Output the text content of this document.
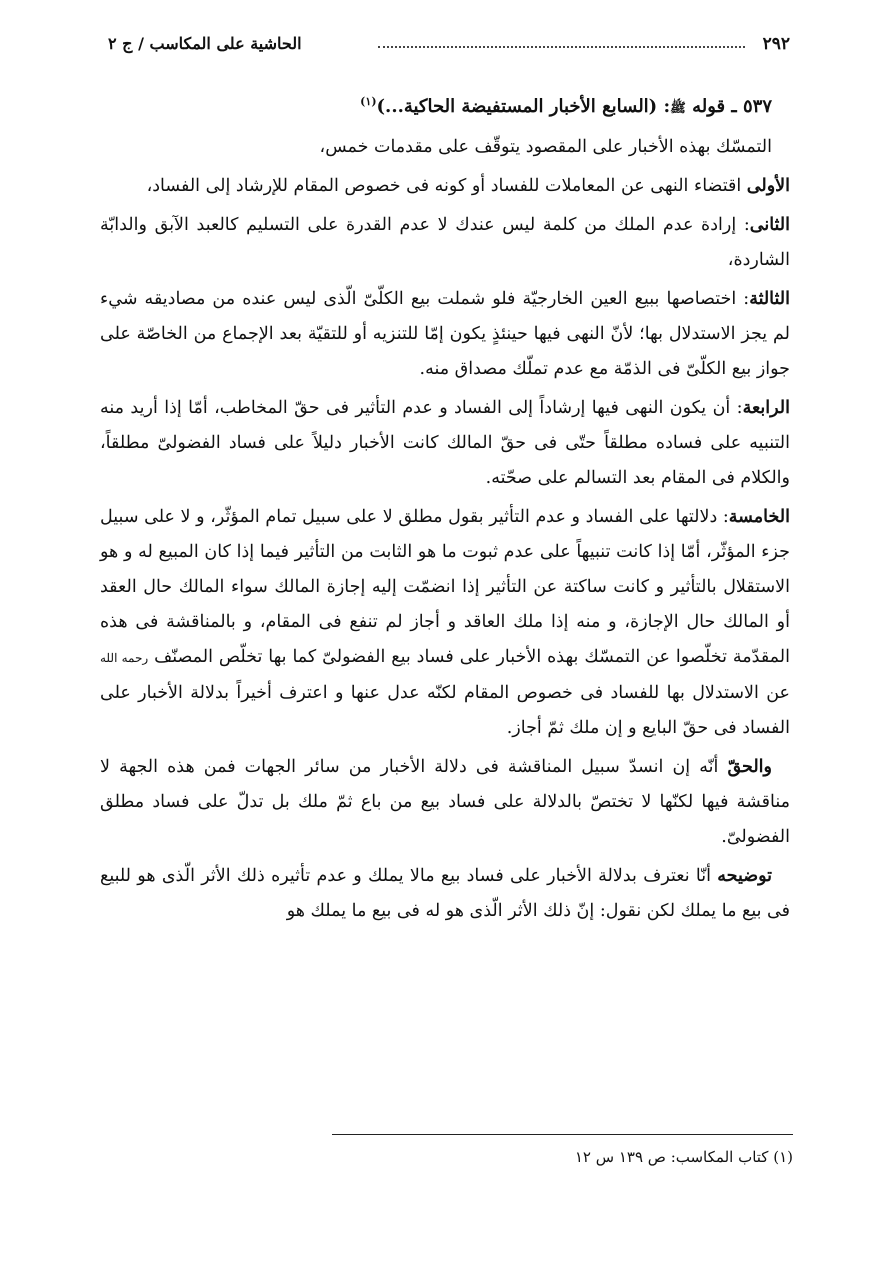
۲۹۲
الحاشية على المكاسب / ج ٢

٥٣٧ ـ قوله ﷺ: (السابع الأخبار المستفيضة الحاكية...)$^{(١)}$

التمسّك بهذه الأخبار على المقصود يتوقّف على مقدمات خمس،

الأولى اقتضاء النهى عن المعاملات للفساد أو كونه فى خصوص المقام للإرشاد إلى الفساد،

الثانى: إرادة عدم الملك من كلمة ليس عندك لا عدم القدرة على التسليم كالعبد الآبق والدابّة الشاردة،

الثالثة: اختصاصها ببيع العين الخارجيّة فلو شملت بيع الكلّىّ الّذى ليس عنده من مصاديقه شيء لم يجز الاستدلال بها؛ لأنّ النهى فيها حينئذٍ يكون إمّا للتنزيه أو للتقيّة بعد الإجماع من الخاصّة على جواز بيع الكلّىّ فى الذمّة مع عدم تملّك مصداق منه.

الرابعة: أن يكون النهى فيها إرشاداً إلى الفساد و عدم التأثير فى حقّ المخاطب، أمّا إذا أريد منه التنبيه على فساده مطلقاً حتّى فى حقّ المالك كانت الأخبار دليلاً على فساد الفضولىّ مطلقاً، والكلام فى المقام بعد التسالم على صحّته.

الخامسة: دلالتها على الفساد و عدم التأثير بقول مطلق لا على سبيل تمام المؤثّر، و لا على سبيل جزء المؤثّر، أمّا إذا كانت تنبيهاً على عدم ثبوت ما هو الثابت من التأثير فيما إذا كان المبيع له و هو الاستقلال بالتأثير و كانت ساكتة عن التأثير إذا انضمّت إليه إجازة المالك سواء المالك حال العقد أو المالك حال الإجازة، و منه إذا ملك العاقد و أجاز لم تنفع فى المقام، و بالمناقشة فى هذه المقدّمة تخلّصوا عن التمسّك بهذه الأخبار على فساد بيع الفضولىّ كما بها تخلّص المصنّف رحمه الله عن الاستدلال بها للفساد فى خصوص المقام لكنّه عدل عنها و اعترف أخيراً بدلالة الأخبار على الفساد فى حقّ البايع و إن ملك ثمّ أجاز.

والحقّ أنّه إن انسدّ سبيل المناقشة فى دلالة الأخبار من سائر الجهات فمن هذه الجهة لا مناقشة فيها لكنّها لا تختصّ بالدلالة على فساد بيع من باع ثمّ ملك بل تدلّ على فساد مطلق الفضولىّ.

توضيحه أنّا نعترف بدلالة الأخبار على فساد بيع مالا يملك و عدم تأثيره ذلك الأثر الّذى هو للبيع فى بيع ما يملك لكن نقول: إنّ ذلك الأثر الّذى هو له فى بيع ما يملك هو

(١) كتاب المكاسب: ص ١٣٩ س ١٢
